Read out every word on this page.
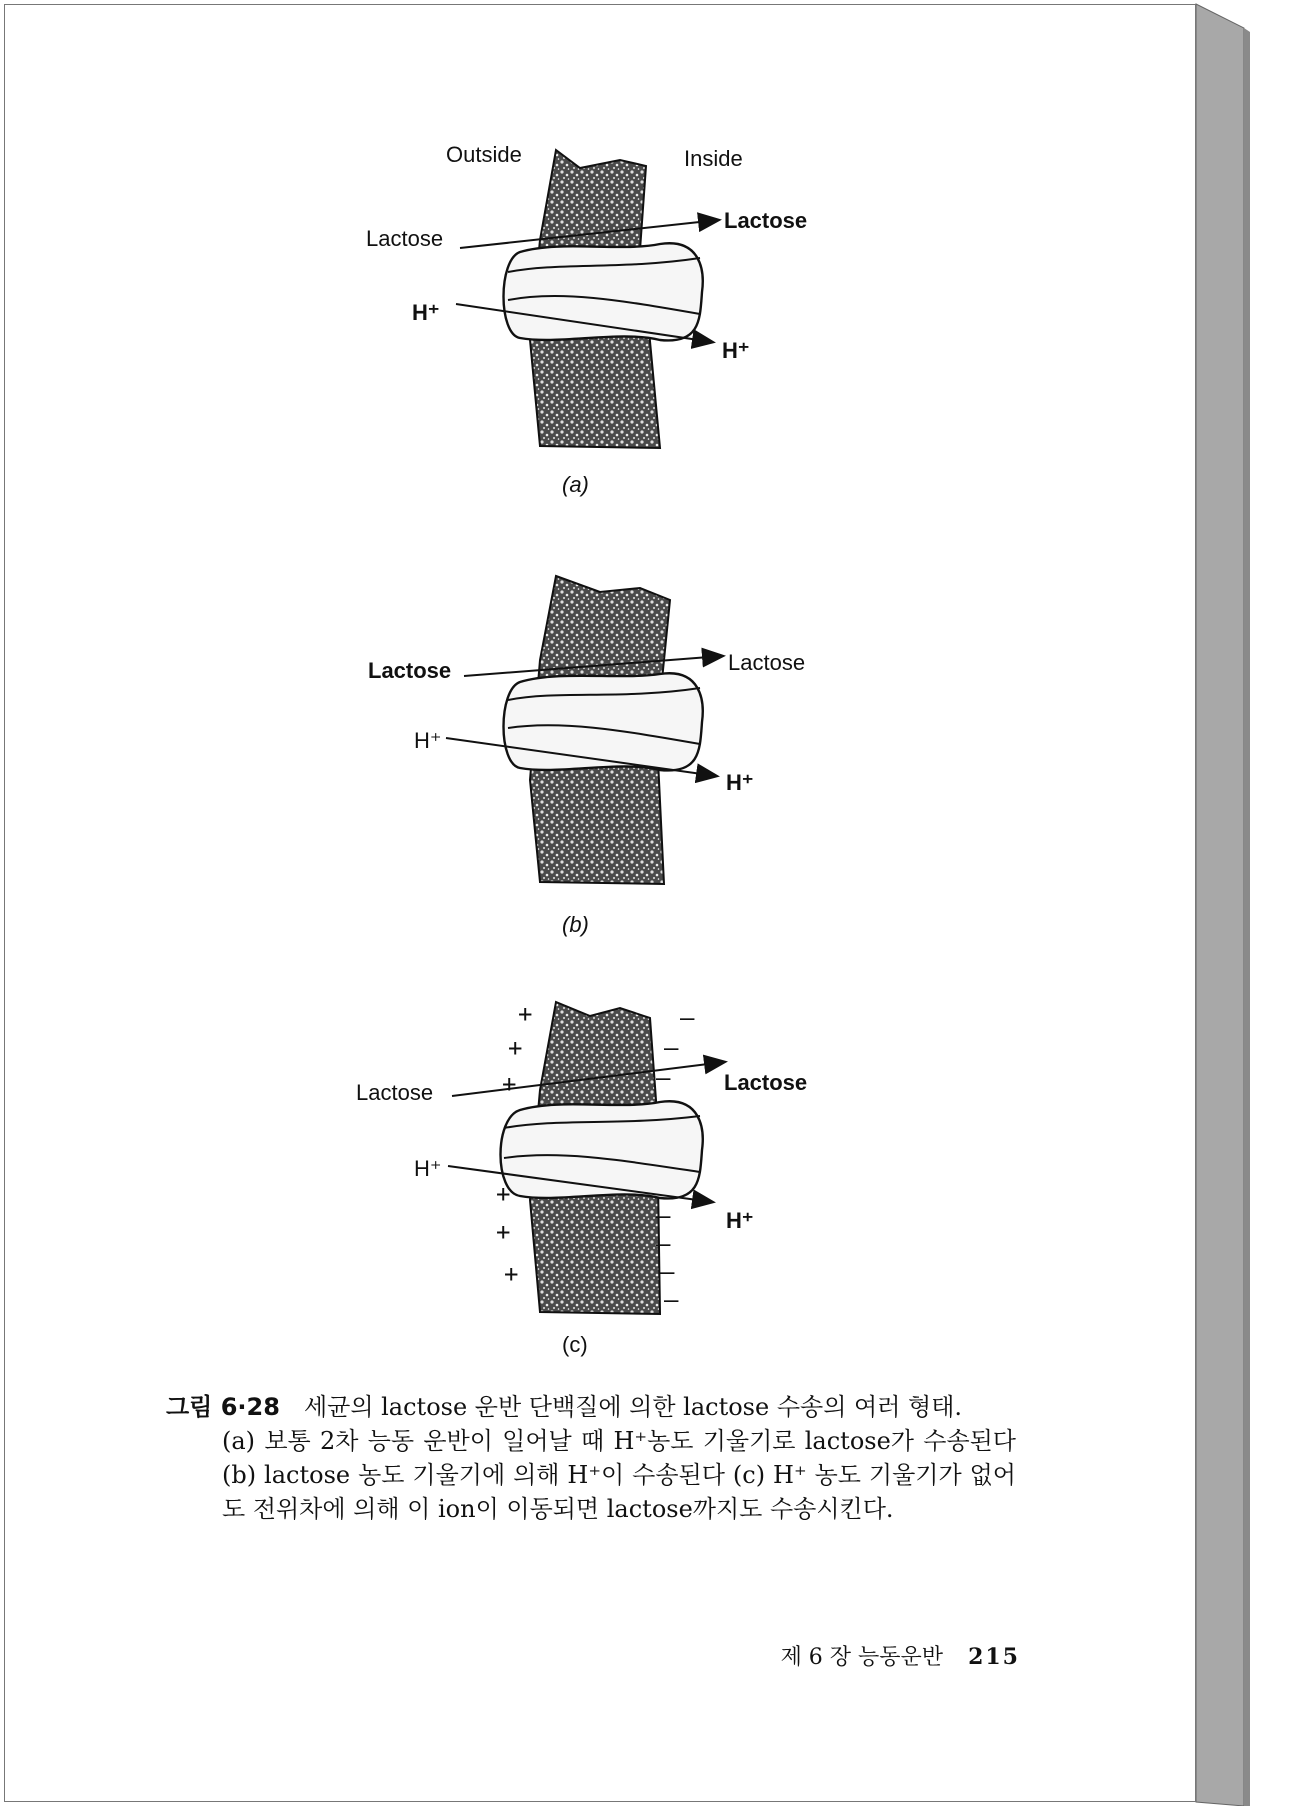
Outside	Inside
Lactose
H⁺
Lactose
H⁺
(a)
Lactose
H⁺
Lactose
H⁺
(b)
Lactose
H⁺
Lactose
H⁺
+
+
+
+
+
+
–
–
–
–
–
–
–
(c)
그림 6·28 세균의 lactose 운반 단백질에 의한 lactose 수송의 여러 형태.
(a) 보통 2차 능동 운반이 일어날 때 H⁺농도 기울기로 lactose가 수송된다 (b) lactose 농도 기울기에 의해 H⁺이 수송된다 (c) H⁺ 농도 기울기가 없어도 전위차에 의해 이 ion이 이동되면 lactose까지도 수송시킨다.
제 6 장 능동운반 215
